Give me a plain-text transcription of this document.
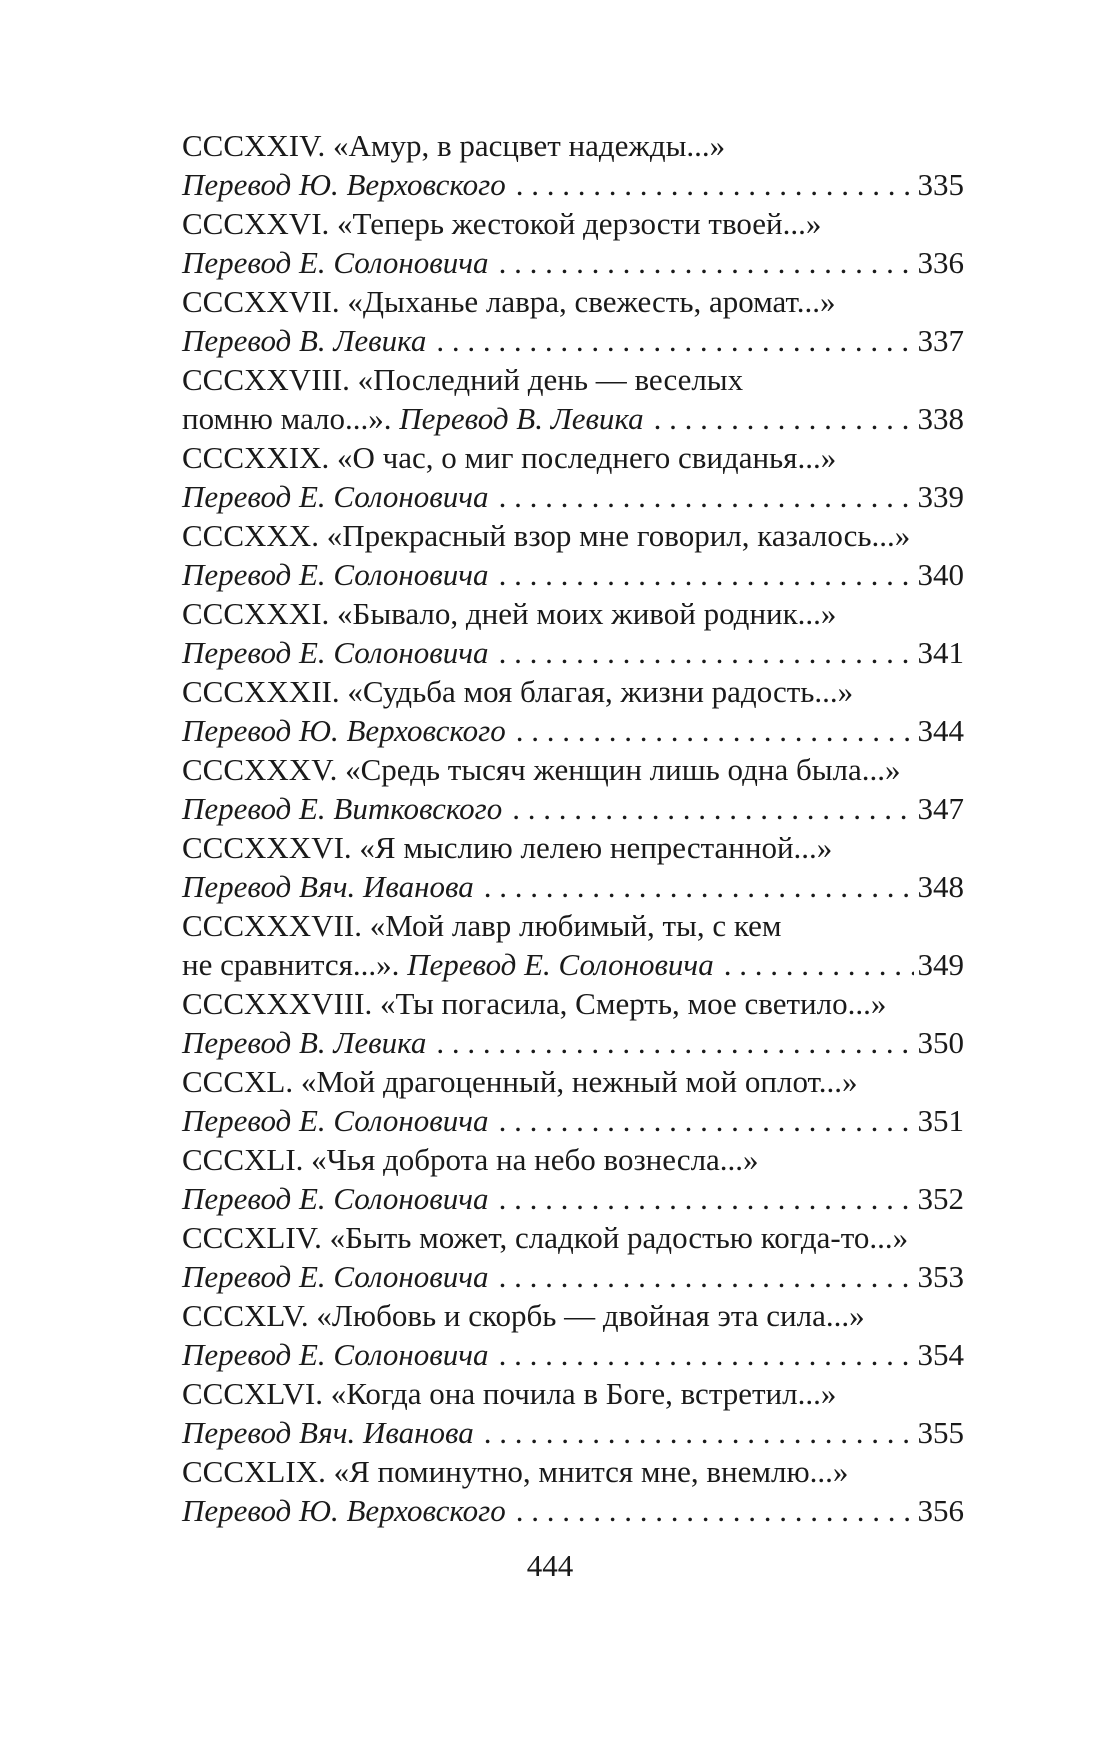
CCCXXIV. «Амур, в расцвет надежды...»
Перевод Ю. Верховского . . .	335
CCCXXVI. «Теперь жестокой дерзости твоей...»
Перевод Е. Солоновича . . .	336
CCCXXVII. «Дыханье лавра, свежесть, аромат...»
Перевод В. Левика . . .	337
CCCXXVIII. «Последний день — веселых
помню мало...». Перевод В. Левика . . .	338
CCCXXIX. «О час, о миг последнего свиданья...»
Перевод Е. Солоновича . . .	339
CCCXXX. «Прекрасный взор мне говорил, казалось...»
Перевод Е. Солоновича . . .	340
CCCXXXI. «Бывало, дней моих живой родник...»
Перевод Е. Солоновича . . .	341
CCCXXXII. «Судьба моя благая, жизни радость...»
Перевод Ю. Верховского . . .	344
CCCXXXV. «Средь тысяч женщин лишь одна была...»
Перевод Е. Витковского . . .	347
CCCXXXVI. «Я мыслию лелею непрестанной...»
Перевод Вяч. Иванова . . .	348
CCCXXXVII. «Мой лавр любимый, ты, с кем
не сравнится...». Перевод Е. Солоновича . . .	349
CCCXXXVIII. «Ты погасила, Смерть, мое светило...»
Перевод В. Левика . . .	350
CCCXL. «Мой драгоценный, нежный мой оплот...»
Перевод Е. Солоновича . . .	351
CCCXLI. «Чья доброта на небо вознесла...»
Перевод Е. Солоновича . . .	352
CCCXLIV. «Быть может, сладкой радостью когда-то...»
Перевод Е. Солоновича . . .	353
CCCXLV. «Любовь и скорбь — двойная эта сила...»
Перевод Е. Солоновича . . .	354
CCCXLVI. «Когда она почила в Боге, встретил...»
Перевод Вяч. Иванова . . .	355
CCCXLIX. «Я поминутно, мнится мне, внемлю...»
Перевод Ю. Верховского . . .	356
444
